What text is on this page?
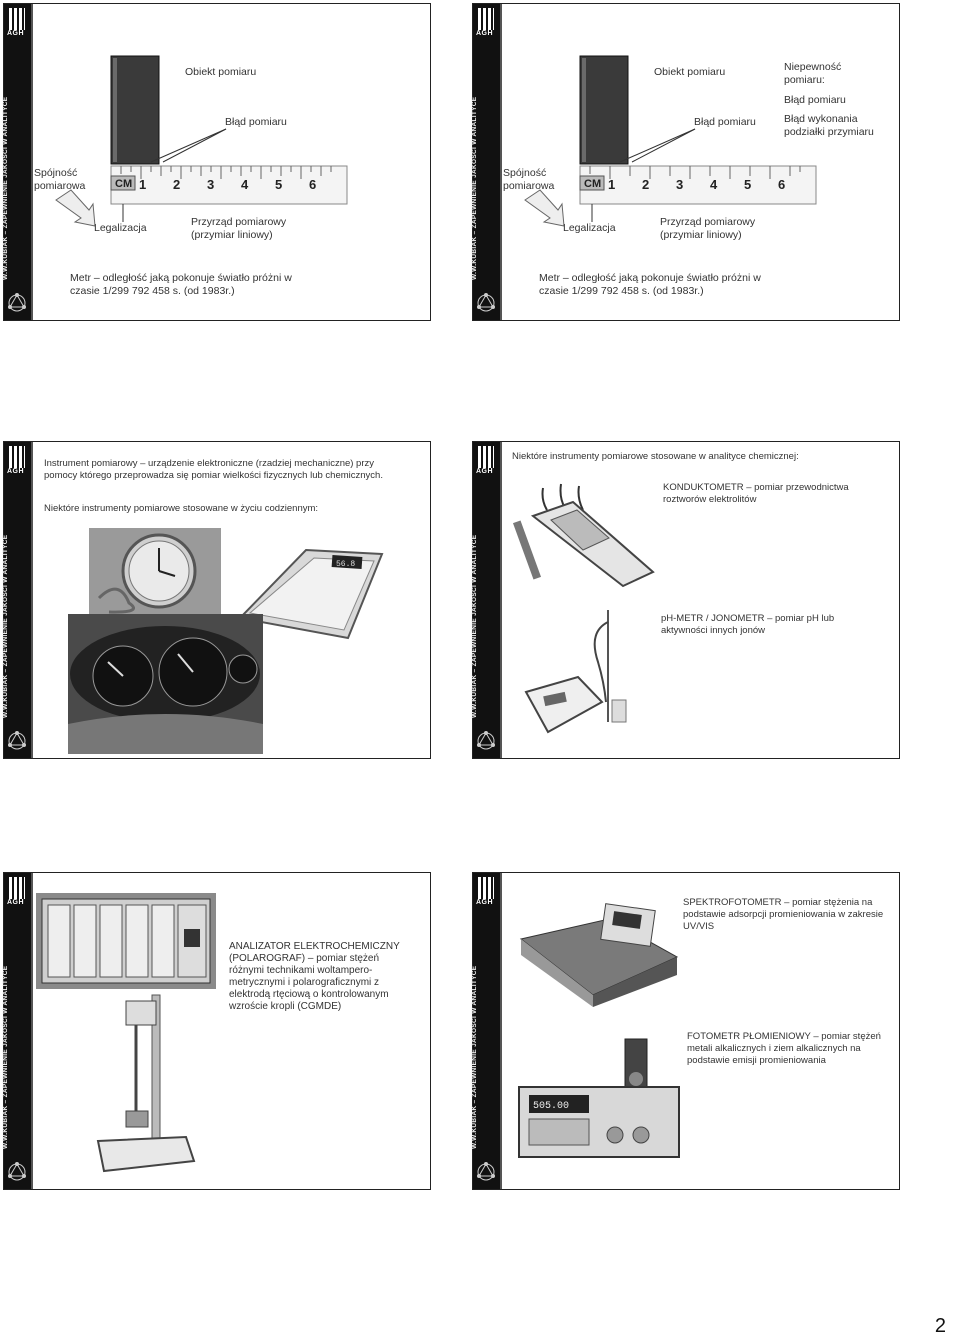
AGH
W.W.KUBIAK – ZAPEWNIENIE JAKOŚCI W ANALITYCE	CM 1 2 3 4 5 6
Obiekt pomiaru
Błąd pomiaru
Spójność pomiarowa
Legalizacja	Przyrząd pomiarowy (przymiar liniowy)
Metr – odległość jaką pokonuje światło próżni w czasie 1/299 792 458 s. (od 1983r.)
AGH
W.W.KUBIAK – ZAPEWNIENIE JAKOŚCI W ANALITYCE	CM 1 2 3 4 5 6
Obiekt pomiaru
Błąd pomiaru
Spójność pomiarowa
Legalizacja	Przyrząd pomiarowy (przymiar liniowy)
Metr – odległość jaką pokonuje światło próżni w czasie 1/299 792 458 s. (od 1983r.)
Niepewność pomiaru:
Błąd pomiaru
Błąd wykonania podziałki przymiaru
AGH
W.W.KUBIAK – ZAPEWNIENIE JAKOŚCI W ANALITYCE
Instrument pomiarowy – urządzenie elektroniczne (rzadziej mechaniczne) przy pomocy którego przeprowadza się pomiar wielkości fizycznych lub chemicznych.
Niektóre instrumenty pomiarowe stosowane w życiu codziennym:
56.8
AGH
W.W.KUBIAK – ZAPEWNIENIE JAKOŚCI W ANALITYCE
Niektóre instrumenty pomiarowe stosowane w analityce chemicznej:
KONDUKTOMETR – pomiar przewodnictwa roztworów elektrolitów
pH-METR / JONOMETR – pomiar pH lub aktywności innych jonów
AGH
W.W.KUBIAK – ZAPEWNIENIE JAKOŚCI W ANALITYCE
ANALIZATOR ELEKTROCHEMICZNY (POLAROGRAF) – pomiar stężeń różnymi technikami woltampero-metrycznymi i polarograficznymi z elektrodą rtęciową o kontrolowanym wzroście kropli (CGMDE)
AGH
W.W.KUBIAK – ZAPEWNIENIE JAKOŚCI W ANALITYCE
SPEKTROFOTOMETR – pomiar stężenia na podstawie adsorpcji promieniowania w zakresie UV/VIS
FOTOMETR PŁOMIENIOWY – pomiar stężeń metali alkalicznych i ziem alkalicznych na podstawie emisji promieniowania
505.00
2
